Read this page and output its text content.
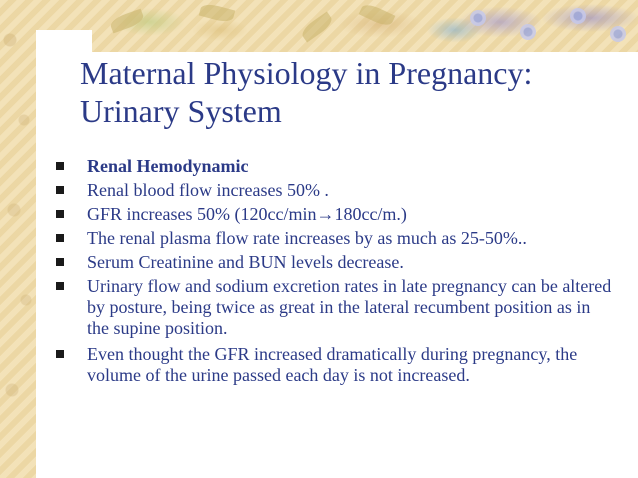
Maternal Physiology in Pregnancy:
Urinary System
Renal Hemodynamic
Renal blood flow increases 50% .
GFR increases 50% (120cc/min→180cc/m.)
The renal plasma flow rate increases by as much as 25-50%..
Serum Creatinine and BUN levels decrease.
Urinary flow and sodium excretion rates in late pregnancy can be altered by posture, being twice as great in the lateral recumbent position as in the supine position.
Even thought the GFR increased dramatically during pregnancy, the volume of the urine passed each day is not increased.
